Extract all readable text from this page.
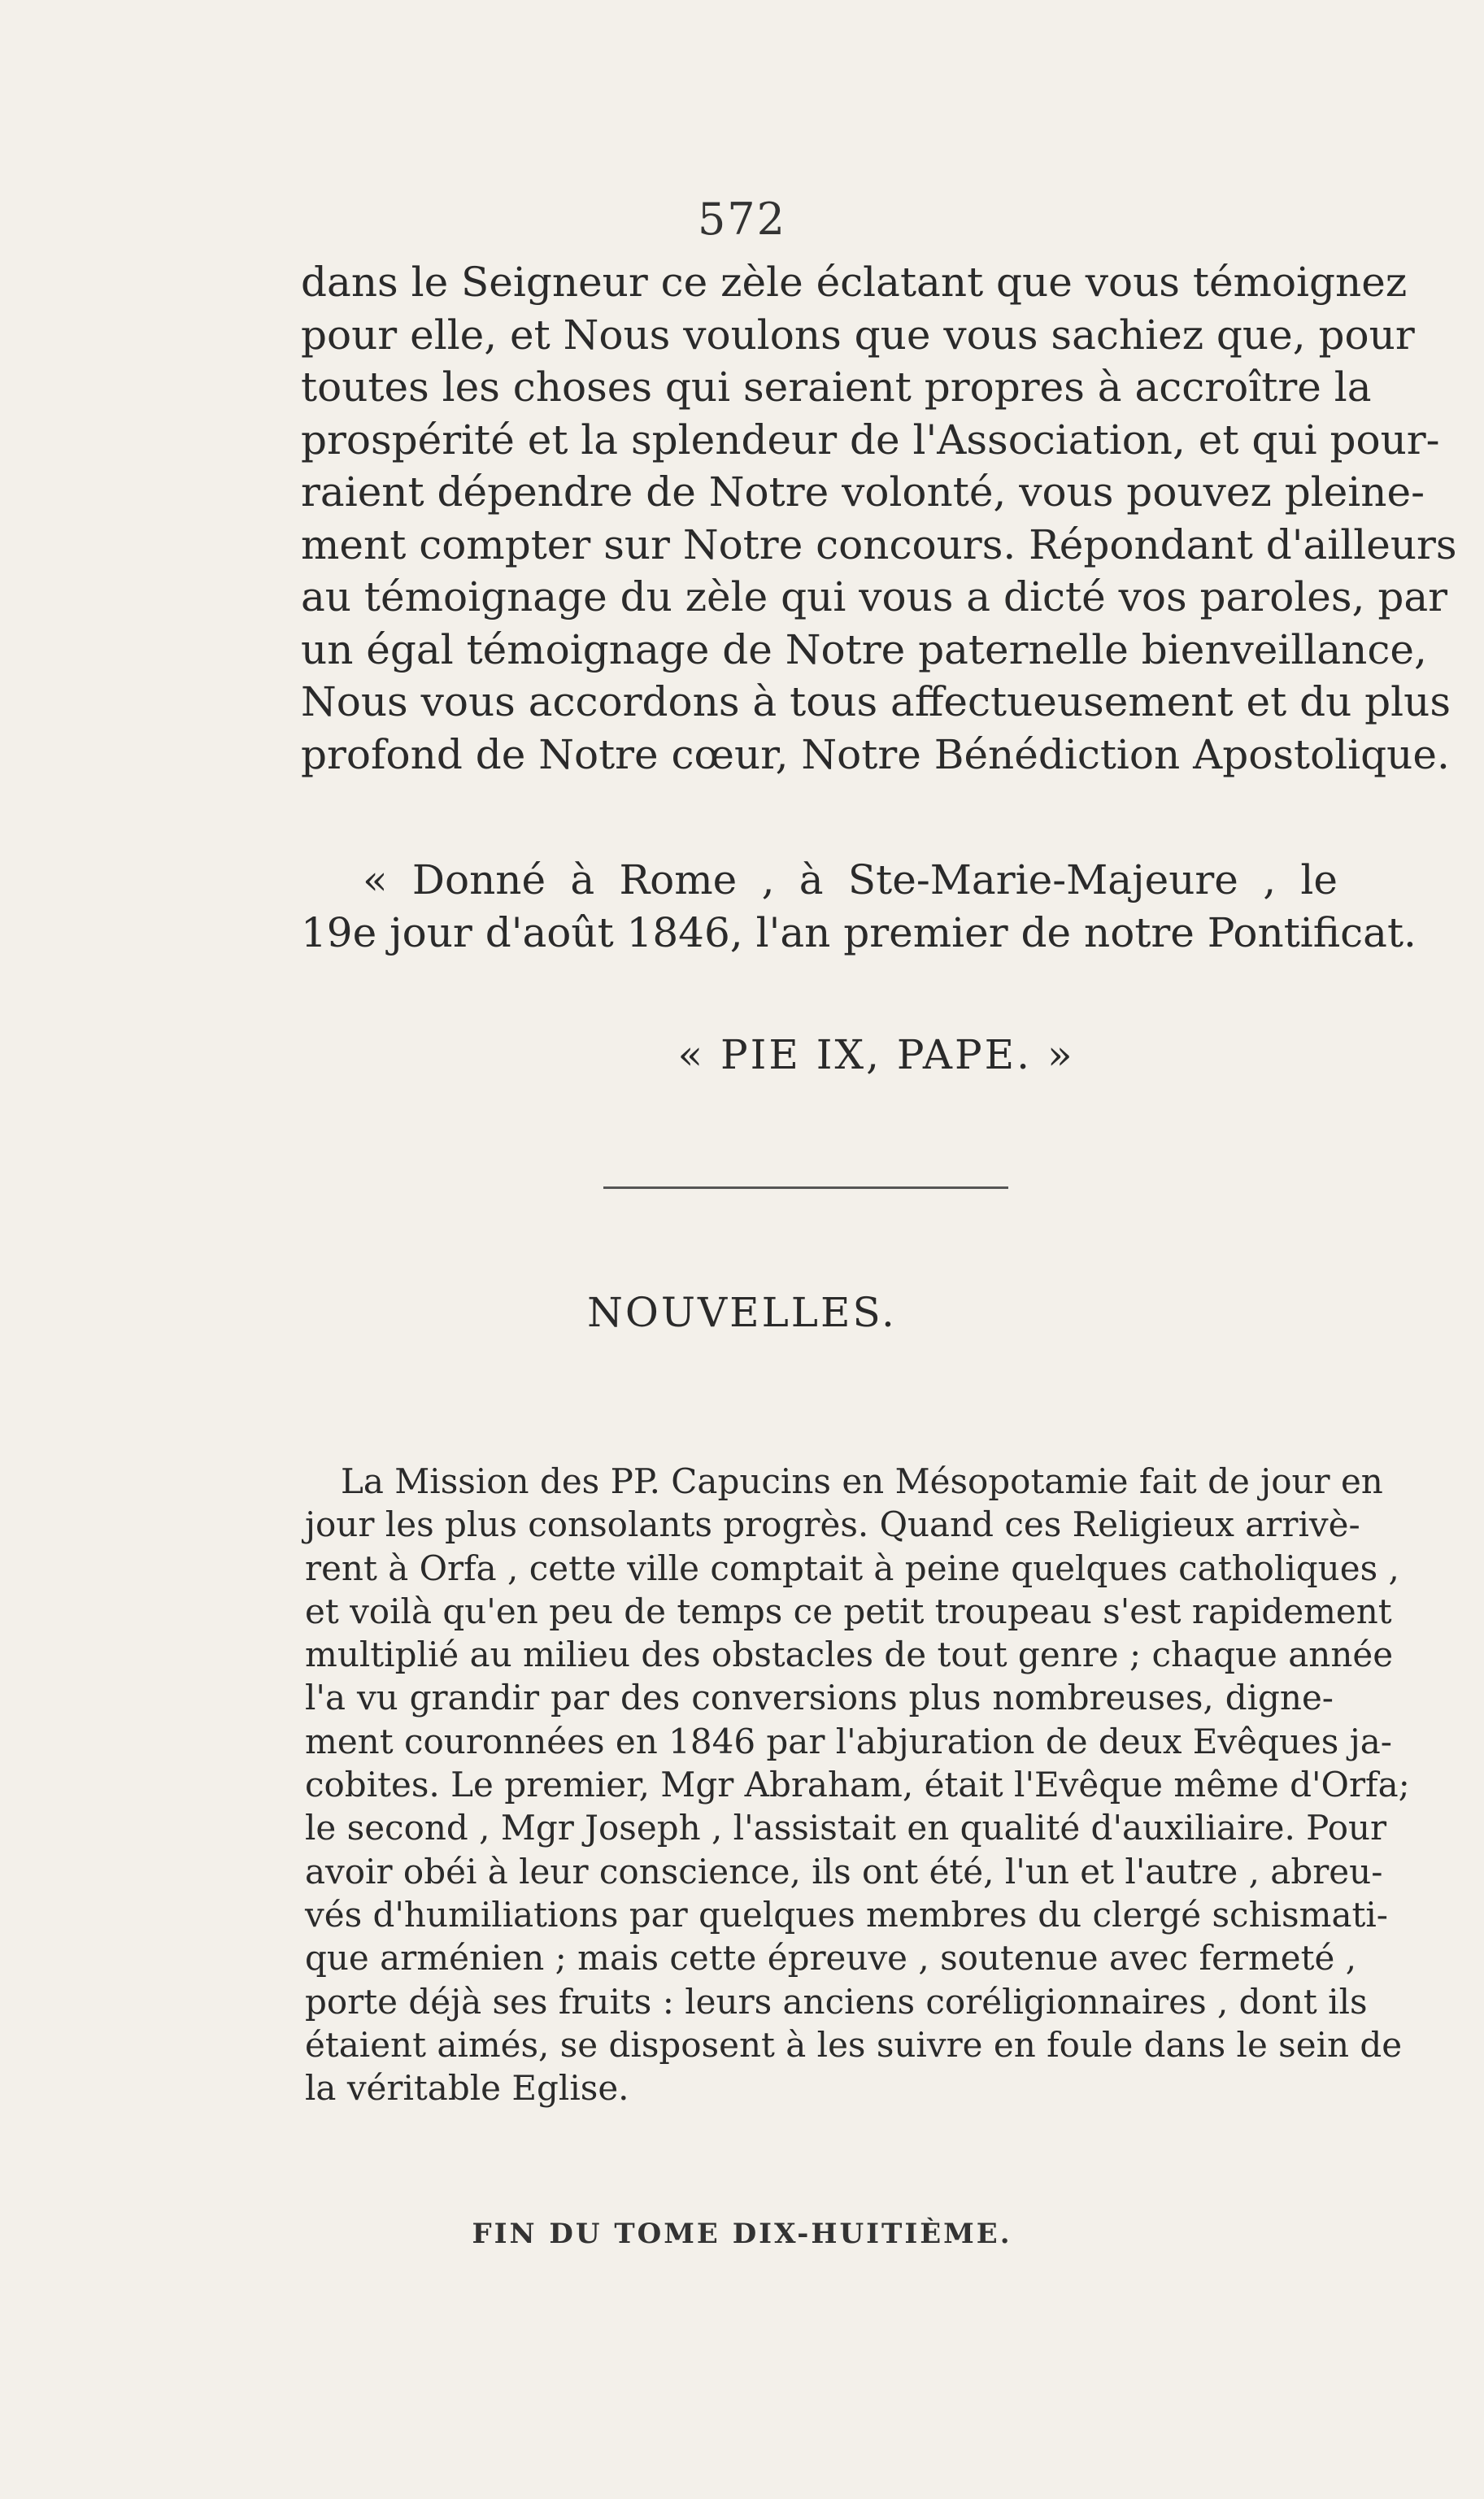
572
dans le Seigneur ce zèle éclatant que vous témoignez
pour elle, et Nous voulons que vous sachiez que, pour
toutes les choses qui seraient propres à accroître la
prospérité et la splendeur de l'Association, et qui pour-
raient dépendre de Notre volonté, vous pouvez pleine-
ment compter sur Notre concours. Répondant d'ailleurs
au témoignage du zèle qui vous a dicté vos paroles, par
un égal témoignage de Notre paternelle bienveillance,
Nous vous accordons à tous affectueusement et du plus
profond de Notre cœur, Notre Bénédiction Apostolique.
« Donné à Rome , à Ste-Marie-Majeure , le
19e jour d'août 1846, l'an premier de notre Pontificat.
« PIE IX, PAPE. »
NOUVELLES.
La Mission des PP. Capucins en Mésopotamie fait de jour en
jour les plus consolants progrès. Quand ces Religieux arrivè-
rent à Orfa , cette ville comptait à peine quelques catholiques ,
et voilà qu'en peu de temps ce petit troupeau s'est rapidement
multiplié au milieu des obstacles de tout genre ; chaque année
l'a vu grandir par des conversions plus nombreuses, digne-
ment couronnées en 1846 par l'abjuration de deux Evêques ja-
cobites. Le premier, Mgr Abraham, était l'Evêque même d'Orfa;
le second , Mgr Joseph , l'assistait en qualité d'auxiliaire. Pour
avoir obéi à leur conscience, ils ont été, l'un et l'autre , abreu-
vés d'humiliations par quelques membres du clergé schismati-
que arménien ; mais cette épreuve , soutenue avec fermeté ,
porte déjà ses fruits : leurs anciens coréligionnaires , dont ils
étaient aimés, se disposent à les suivre en foule dans le sein de
la véritable Eglise.
FIN DU TOME DIX-HUITIÈME.
